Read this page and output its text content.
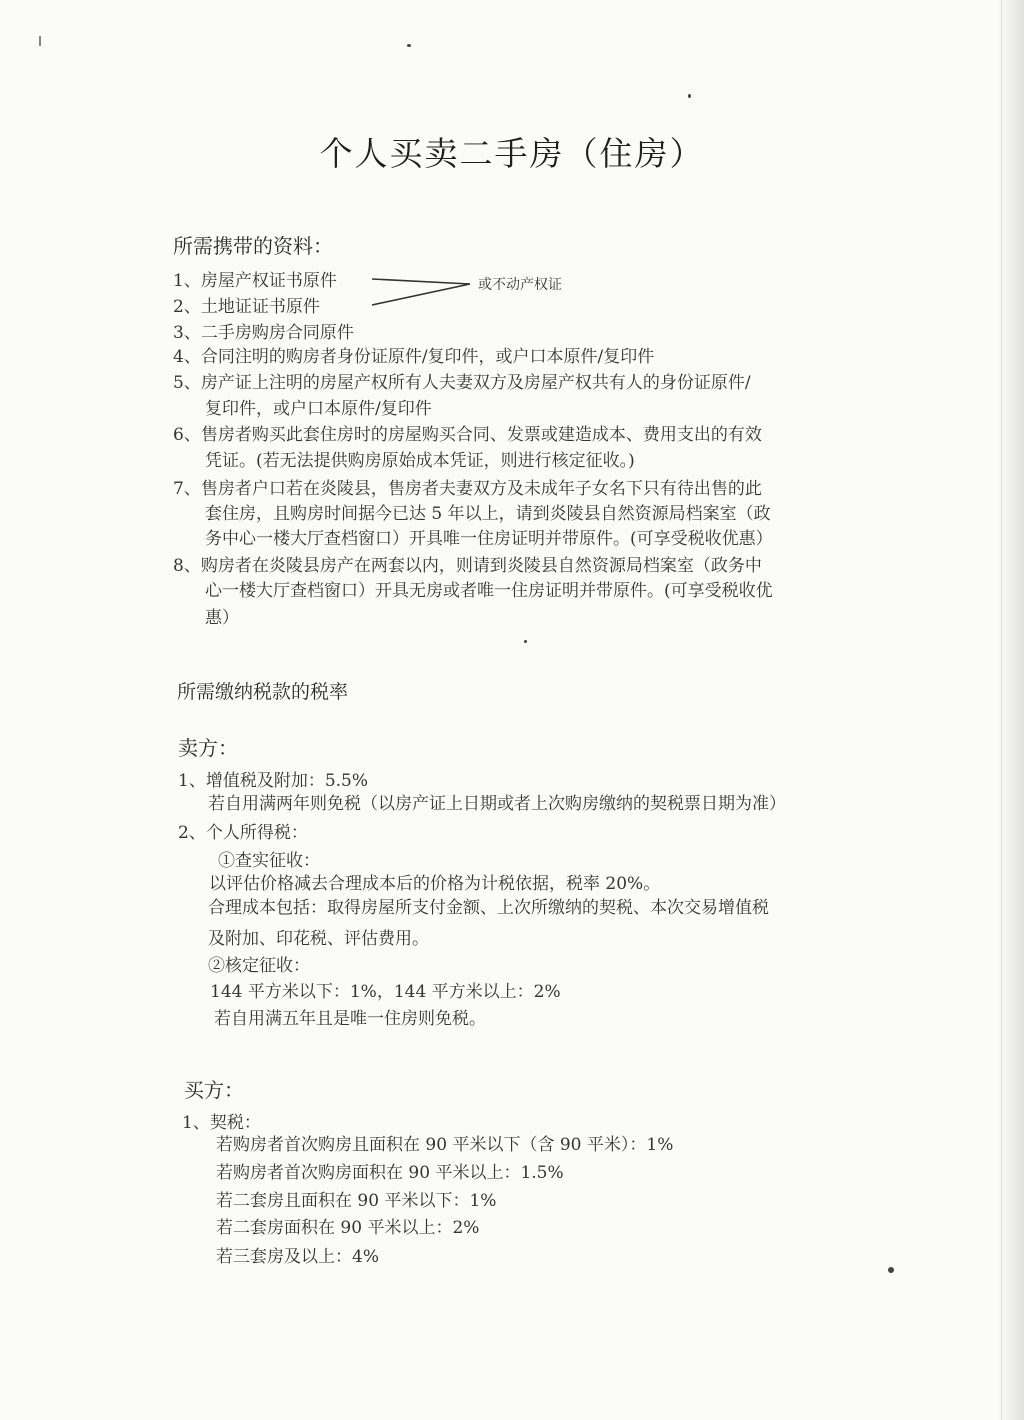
个人买卖二手房（住房）
所需携带的资料：
1、房屋产权证书原件
2、土地证证书原件
或不动产权证
3、二手房购房合同原件
4、合同注明的购房者身份证原件/复印件，或户口本原件/复印件
5、房产证上注明的房屋产权所有人夫妻双方及房屋产权共有人的身份证原件/
复印件，或户口本原件/复印件
6、售房者购买此套住房时的房屋购买合同、发票或建造成本、费用支出的有效
凭证。(若无法提供购房原始成本凭证，则进行核定征收。)
7、售房者户口若在炎陵县，售房者夫妻双方及未成年子女名下只有待出售的此
套住房，且购房时间据今已达 5 年以上，请到炎陵县自然资源局档案室（政
务中心一楼大厅查档窗口）开具唯一住房证明并带原件。(可享受税收优惠）
8、购房者在炎陵县房产在两套以内，则请到炎陵县自然资源局档案室（政务中
心一楼大厅查档窗口）开具无房或者唯一住房证明并带原件。(可享受税收优
惠）
所需缴纳税款的税率
卖方：
1、增值税及附加：5.5%
若自用满两年则免税（以房产证上日期或者上次购房缴纳的契税票日期为准）
2、个人所得税：
①查实征收：
以评估价格减去合理成本后的价格为计税依据，税率 20%。
合理成本包括：取得房屋所支付金额、上次所缴纳的契税、本次交易增值税
及附加、印花税、评估费用。
②核定征收：
144 平方米以下：1%，144 平方米以上：2%
若自用满五年且是唯一住房则免税。
买方：
1、契税：
若购房者首次购房且面积在 90 平米以下（含 90 平米）：1%
若购房者首次购房面积在 90 平米以上：1.5%
若二套房且面积在 90 平米以下：1%
若二套房面积在 90 平米以上：2%
若三套房及以上：4%
